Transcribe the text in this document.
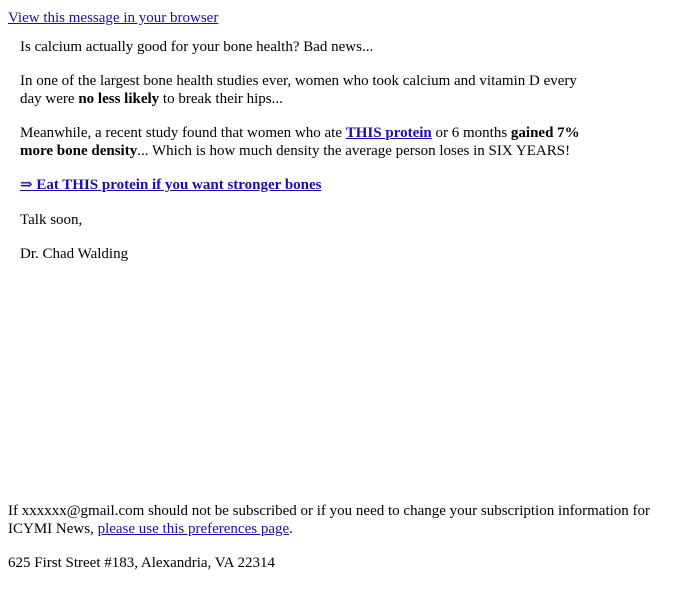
View this message in your browser

Is calcium actually good for your bone health? Bad news...

In one of the largest bone health studies ever, women who took calcium and vitamin D every day were no less likely to break their hips...

Meanwhile, a recent study found that women who ate THIS protein or 6 months gained 7% more bone density... Which is how much density the average person loses in SIX YEARS!

⇒ Eat THIS protein if you want stronger bones

Talk soon,

Dr. Chad Walding

If xxxxxx@gmail.com should not be subscribed or if you need to change your subscription information for ICYMI News, please use this preferences page.

625 First Street #183, Alexandria, VA 22314
